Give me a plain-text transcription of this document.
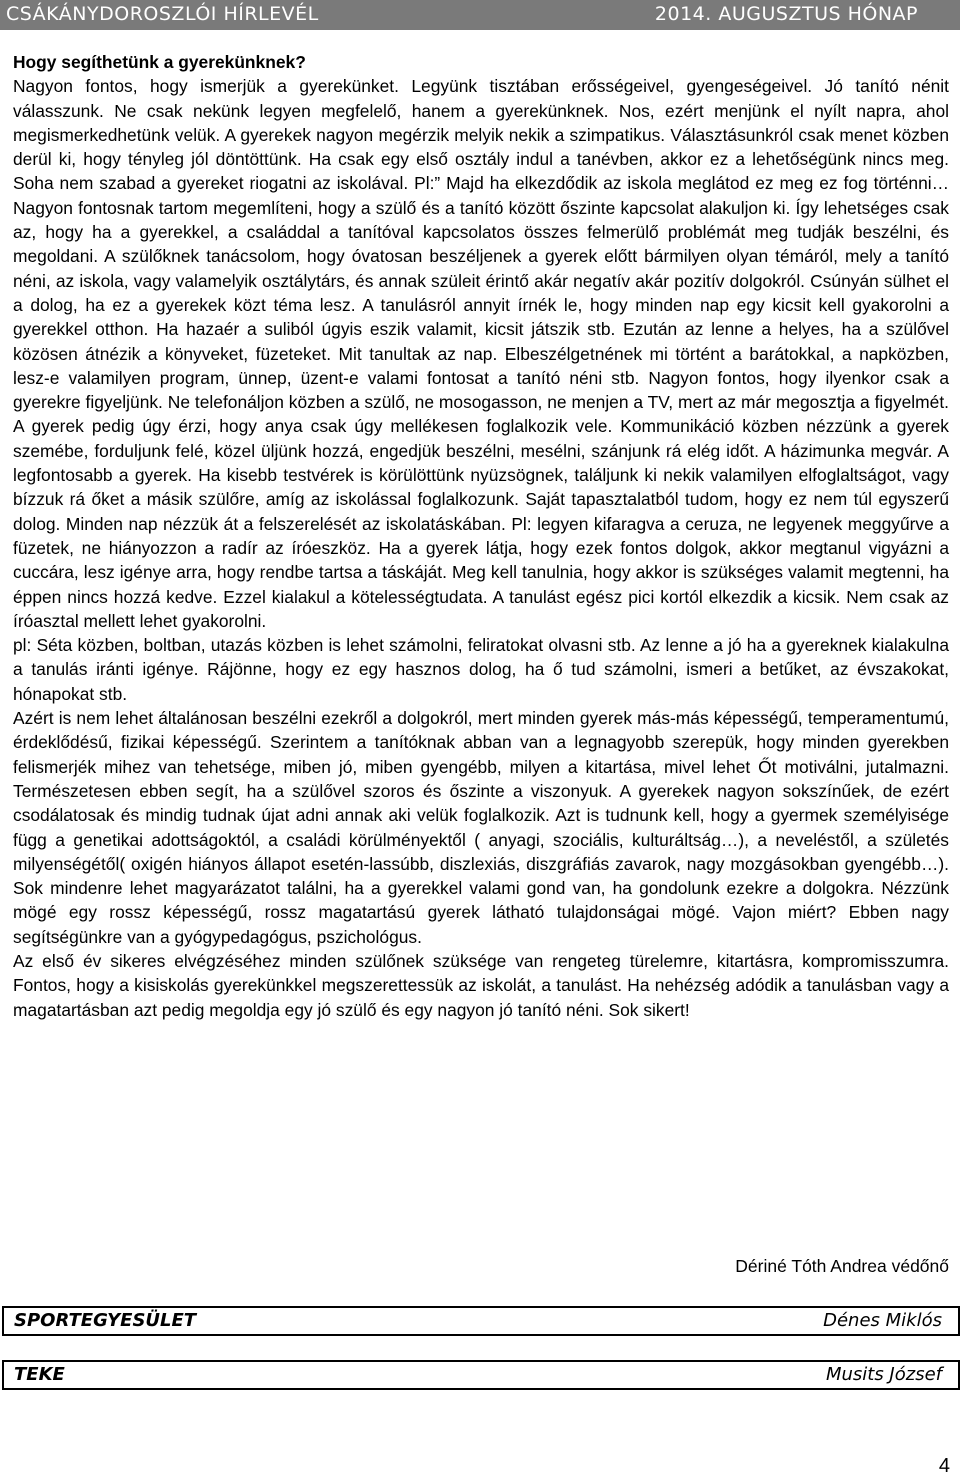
CSÁKÁNYDOROSZLÓI HÍRLEVÉL	2014. AUGUSZTUS HÓNAP

Hogy segíthetünk a gyerekünknek?

Nagyon fontos, hogy ismerjük a gyerekünket. Legyünk tisztában erősségeivel, gyengeségeivel. Jó tanító nénit válasszunk. Ne csak nekünk legyen megfelelő, hanem a gyerekünknek. Nos, ezért menjünk el nyílt napra, ahol megismerkedhetünk velük. A gyerekek nagyon megérzik melyik nekik a szimpatikus. Választásunkról csak menet közben derül ki, hogy tényleg jól döntöttünk. Ha csak egy első osztály indul a tanévben, akkor ez a lehetőségünk nincs meg. Soha nem szabad a gyereket riogatni az iskolával. Pl:” Majd ha elkezdődik az iskola meglátod ez meg ez fog történni… Nagyon fontosnak tartom megemlíteni, hogy a szülő és a tanító között őszinte kapcsolat alakuljon ki. Így lehetséges csak az, hogy ha a gyerekkel, a családdal a tanítóval kapcsolatos összes felmerülő problémát meg tudják beszélni, és megoldani. A szülőknek tanácsolom, hogy óvatosan beszéljenek a gyerek előtt bármilyen olyan témáról, mely a tanító néni, az iskola, vagy valamelyik osztálytárs, és annak szüleit érintő akár negatív akár pozitív dolgokról. Csúnyán sülhet el a dolog, ha ez a gyerekek közt téma lesz. A tanulásról annyit írnék le, hogy minden nap egy kicsit kell gyakorolni a gyerekkel otthon. Ha hazaér a suliból úgyis eszik valamit, kicsit játszik stb. Ezután az lenne a helyes, ha a szülővel közösen átnézik a könyveket, füzeteket. Mit tanultak az nap. Elbeszélgetnének mi történt a barátokkal, a napközben, lesz-e valamilyen program, ünnep, üzent-e valami fontosat a tanító néni stb. Nagyon fontos, hogy ilyenkor csak a gyerekre figyeljünk. Ne telefonáljon közben a szülő, ne mosogasson, ne menjen a TV, mert az már megosztja a figyelmét. A gyerek pedig úgy érzi, hogy anya csak úgy mellékesen foglalkozik vele. Kommunikáció közben nézzünk a gyerek szemébe, forduljunk felé, közel üljünk hozzá, engedjük beszélni, mesélni, szánjunk rá elég időt. A házimunka megvár. A legfontosabb a gyerek. Ha kisebb testvérek is körülöttünk nyüzsögnek, találjunk ki nekik valamilyen elfoglaltságot, vagy bízzuk rá őket a másik szülőre, amíg az iskolással foglalkozunk. Saját tapasztalatból tudom, hogy ez nem túl egyszerű dolog. Minden nap nézzük át a felszerelését az iskolatáskában. Pl: legyen kifaragva a ceruza, ne legyenek meggyűrve a füzetek, ne hiányozzon a radír az íróeszköz. Ha a gyerek látja, hogy ezek fontos dolgok, akkor megtanul vigyázni a cuccára, lesz igénye arra, hogy rendbe tartsa a táskáját. Meg kell tanulnia, hogy akkor is szükséges valamit megtenni, ha éppen nincs hozzá kedve. Ezzel kialakul a kötelességtudata. A tanulást egész pici kortól elkezdik a kicsik. Nem csak az íróasztal mellett lehet gyakorolni.

pl: Séta közben, boltban, utazás közben is lehet számolni, feliratokat olvasni stb. Az lenne a jó ha a gyereknek kialakulna a tanulás iránti igénye. Rájönne, hogy ez egy hasznos dolog, ha ő tud számolni, ismeri a betűket, az évszakokat, hónapokat stb.

Azért is nem lehet általánosan beszélni ezekről a dolgokról, mert minden gyerek más-más képességű, temperamentumú, érdeklődésű, fizikai képességű. Szerintem a tanítóknak abban van a legnagyobb szerepük, hogy minden gyerekben felismerjék mihez van tehetsége, miben jó, miben gyengébb, milyen a kitartása, mivel lehet Őt motiválni, jutalmazni. Természetesen ebben segít, ha a szülővel szoros és őszinte a viszonyuk. A gyerekek nagyon sokszínűek, de ezért csodálatosak és mindig tudnak újat adni annak aki velük foglalkozik. Azt is tudnunk kell, hogy a gyermek személyisége függ a genetikai adottságoktól, a családi körülményektől ( anyagi, szociális, kulturáltság…), a neveléstől, a születés milyenségétől( oxigén hiányos állapot esetén-lassúbb, diszlexiás, diszgráfiás zavarok, nagy mozgásokban gyengébb…). Sok mindenre lehet magyarázatot találni, ha a gyerekkel valami gond van, ha gondolunk ezekre a dolgokra. Nézzünk mögé egy rossz képességű, rossz magatartású gyerek látható tulajdonságai mögé. Vajon miért? Ebben nagy segítségünkre van a gyógypedagógus, pszichológus.

Az első év sikeres elvégzéséhez minden szülőnek szüksége van rengeteg türelemre, kitartásra, kompromisszumra. Fontos, hogy a kisiskolás gyerekünkkel megszerettessük az iskolát, a tanulást. Ha nehézség adódik a tanulásban vagy a magatartásban azt pedig megoldja egy jó szülő és egy nagyon jó tanító néni. Sok sikert!

Dériné Tóth Andrea védőnő
SPORTEGYESÜLET	Dénes Miklós
TEKE	Musits József
4
